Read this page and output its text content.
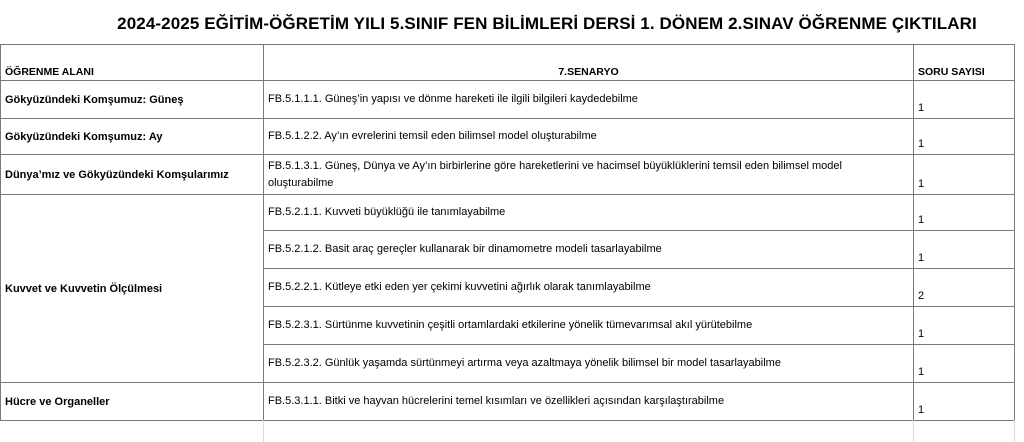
2024-2025 EĞİTİM-ÖĞRETİM YILI 5.SINIF FEN BİLİMLERİ DERSİ 1. DÖNEM 2.SINAV ÖĞRENME ÇIKTILARI
ÖĞRENME ALANI	7.SENARYO	SORU SAYISI
Gökyüzündeki Komşumuz: Güneş	FB.5.1.1.1. Güneş’in yapısı ve dönme hareketi ile ilgili bilgileri kaydedebilme	1
Gökyüzündeki Komşumuz: Ay	FB.5.1.2.2. Ay’ın evrelerini temsil eden bilimsel model oluşturabilme	1
Dünya’mız ve Gökyüzündeki Komşularımız	FB.5.1.3.1. Güneş, Dünya ve Ay’ın birbirlerine göre hareketlerini ve hacimsel büyüklüklerini temsil eden bilimsel model oluşturabilme	1
Kuvvet ve Kuvvetin Ölçülmesi	FB.5.2.1.1. Kuvveti büyüklüğü ile tanımlayabilme	1
	FB.5.2.1.2. Basit araç gereçler kullanarak bir dinamometre modeli tasarlayabilme	1
	FB.5.2.2.1. Kütleye etki eden yer çekimi kuvvetini ağırlık olarak tanımlayabilme	2
	FB.5.2.3.1. Sürtünme kuvvetinin çeşitli ortamlardaki etkilerine yönelik tümevarımsal akıl yürütebilme	1
	FB.5.2.3.2. Günlük yaşamda sürtünmeyi artırma veya azaltmaya yönelik bilimsel bir model tasarlayabilme	1
Hücre ve Organeller	FB.5.3.1.1. Bitki ve hayvan hücrelerini temel kısımları ve özellikleri açısından karşılaştırabilme	1
